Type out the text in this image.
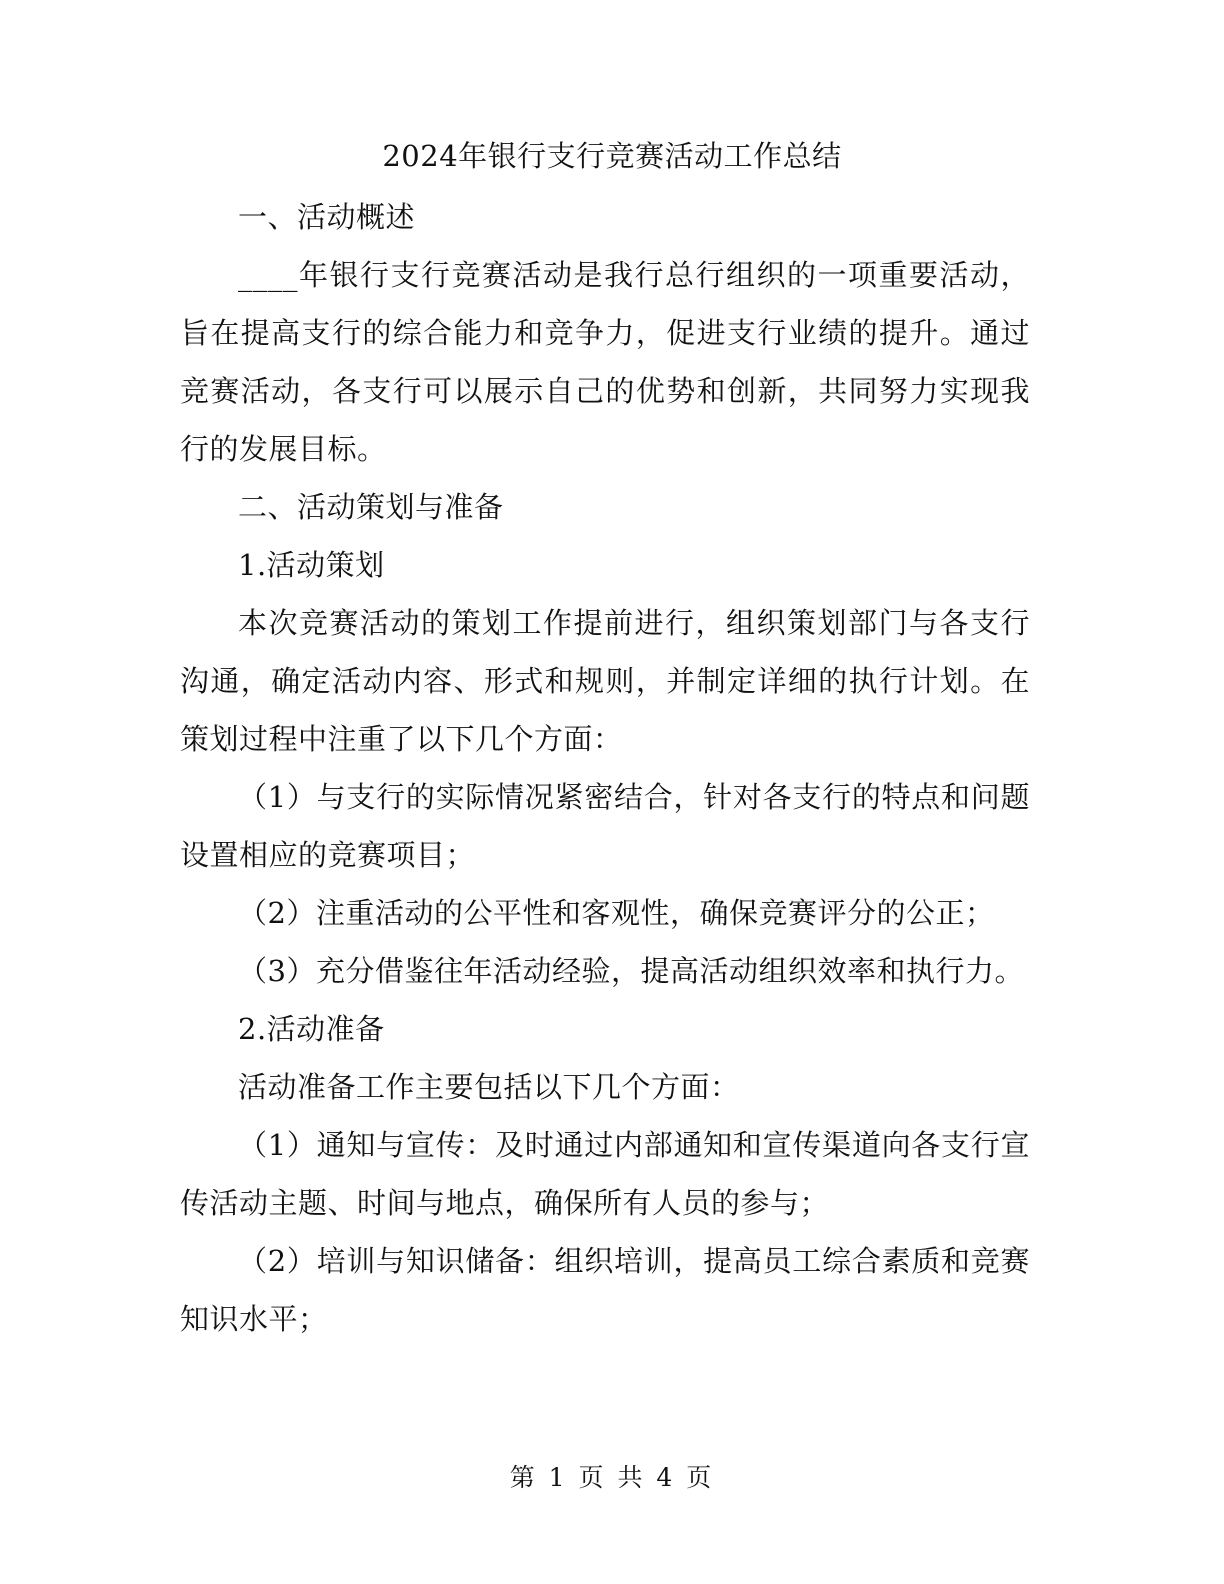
2024年银行支行竞赛活动工作总结

一、活动概述

____年银行支行竞赛活动是我行总行组织的一项重要活动，旨在提高支行的综合能力和竞争力，促进支行业绩的提升。通过竞赛活动，各支行可以展示自己的优势和创新，共同努力实现我行的发展目标。

二、活动策划与准备

1.活动策划

本次竞赛活动的策划工作提前进行，组织策划部门与各支行沟通，确定活动内容、形式和规则，并制定详细的执行计划。在策划过程中注重了以下几个方面：

（1）与支行的实际情况紧密结合，针对各支行的特点和问题设置相应的竞赛项目；

（2）注重活动的公平性和客观性，确保竞赛评分的公正；

（3）充分借鉴往年活动经验，提高活动组织效率和执行力。

2.活动准备

活动准备工作主要包括以下几个方面：

（1）通知与宣传：及时通过内部通知和宣传渠道向各支行宣传活动主题、时间与地点，确保所有人员的参与；

（2）培训与知识储备：组织培训，提高员工综合素质和竞赛知识水平；

第 1 页 共 4 页
